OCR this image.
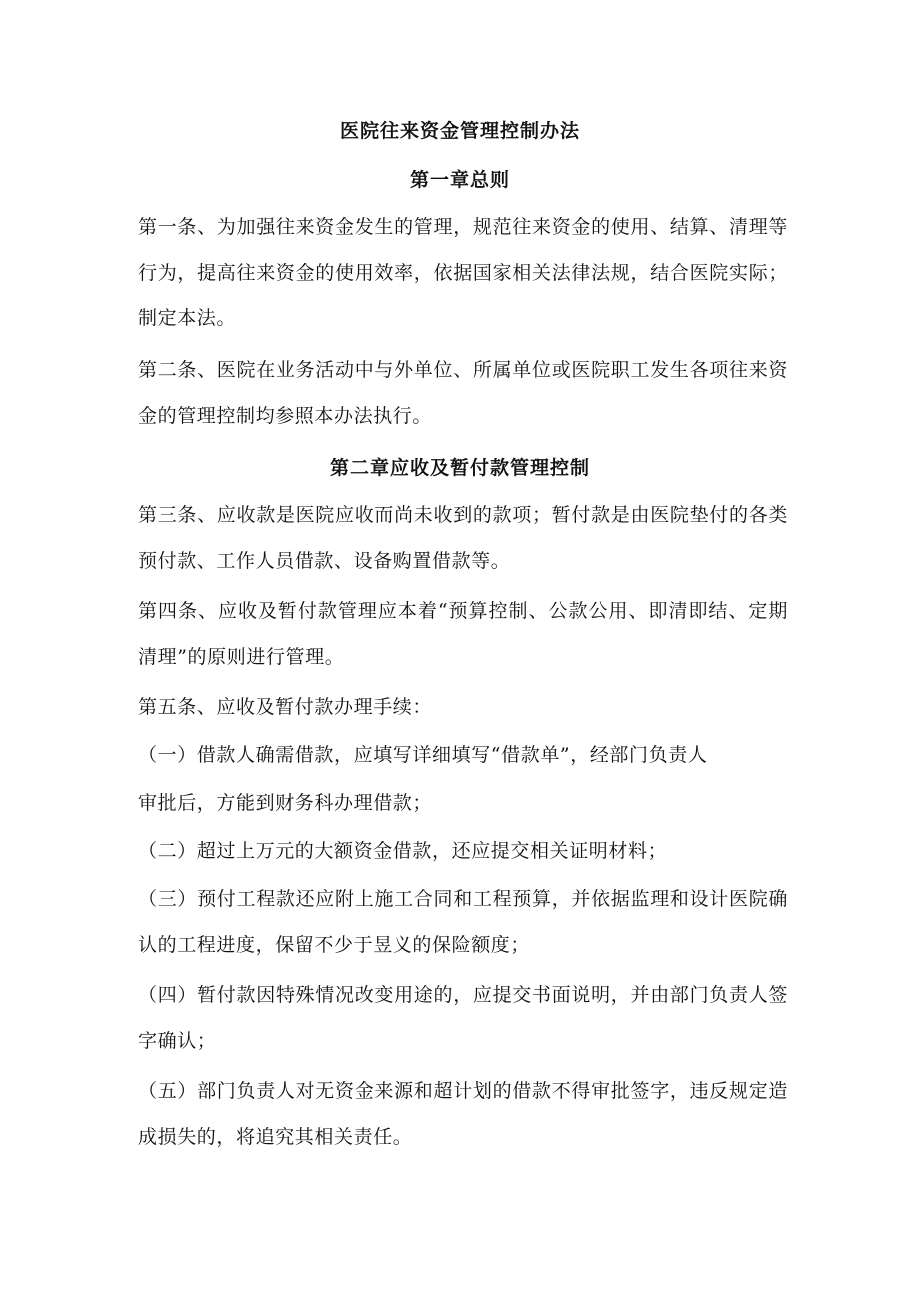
医院往来资金管理控制办法
第一章总则

第一条、为加强往来资金发生的管理，规范往来资金的使用、结算、清理等行为，提高往来资金的使用效率，依据国家相关法律法规，结合医院实际；制定本法。

第二条、医院在业务活动中与外单位、所属单位或医院职工发生各项往来资金的管理控制均参照本办法执行。

第二章应收及暂付款管理控制

第三条、应收款是医院应收而尚未收到的款项；暂付款是由医院垫付的各类预付款、工作人员借款、设备购置借款等。

第四条、应收及暂付款管理应本着“预算控制、公款公用、即清即结、定期清理”的原则进行管理。

第五条、应收及暂付款办理手续：

（一）借款人确需借款，应填写详细填写“借款单”，经部门负责人

审批后，方能到财务科办理借款；

（二）超过上万元的大额资金借款，还应提交相关证明材料；

（三）预付工程款还应附上施工合同和工程预算，并依据监理和设计医院确认的工程进度，保留不少于昱义的保险额度；

（四）暂付款因特殊情况改变用途的，应提交书面说明，并由部门负责人签字确认；

（五）部门负责人对无资金来源和超计划的借款不得审批签字，违反规定造成损失的，将追究其相关责任。
